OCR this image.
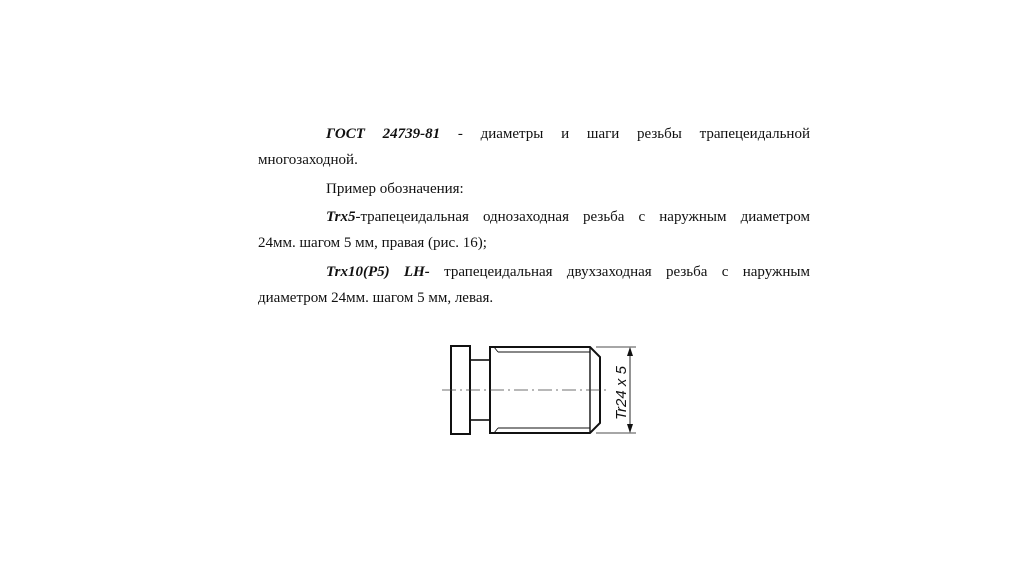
ГОСТ 24739-81 - диаметры и шаги резьбы трапецеидальной
многозаходной.

Пример обозначения:

Trx5-трапецеидальная однозаходная резьба с наружным диаметром
24мм. шагом 5 мм, правая (рис. 16);

Trx10(P5) LH- трапецеидальная двухзаходная резьба с наружным
диаметром 24мм. шагом 5 мм, левая.

Tr24 x 5
